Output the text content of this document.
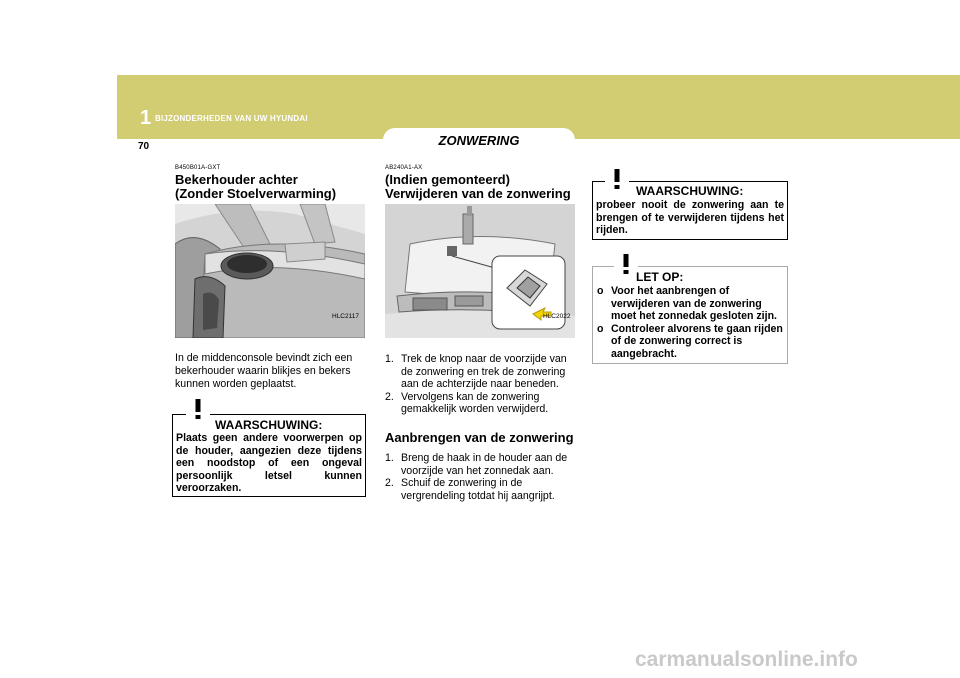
1 BIJZONDERHEDEN VAN UW HYUNDAI
ZONWERING
70
B450B01A-GXT
Bekerhouder achter
(Zonder Stoelverwarming)
HLC2117
In de middenconsole bevindt zich een bekerhouder waarin blikjes en bekers kunnen worden geplaatst.
WAARSCHUWING:
Plaats geen andere voorwerpen op de houder, aangezien deze tijdens een noodstop of een ongeval persoonlijk letsel kunnen veroorzaken.
AB240A1-AX
(Indien gemonteerd)
Verwijderen van de zonwering
HLC2022
1. Trek de knop naar de voorzijde van de zonwering en trek de zonwering aan de achterzijde naar beneden.
2. Vervolgens kan de zonwering gemakkelijk worden verwijderd.
Aanbrengen van de zonwering
1. Breng de haak in de houder aan de voorzijde van het zonnedak aan.
2. Schuif de zonwering in de vergrendeling totdat hij aangrijpt.
WAARSCHUWING:
probeer nooit de zonwering aan te brengen of te verwijderen tijdens het rijden.
LET OP:
o Voor het aanbrengen of verwijderen van de zonwering moet het zonnedak gesloten zijn.
o Controleer alvorens te gaan rijden of de zonwering correct is aangebracht.
carmanualsonline.info
